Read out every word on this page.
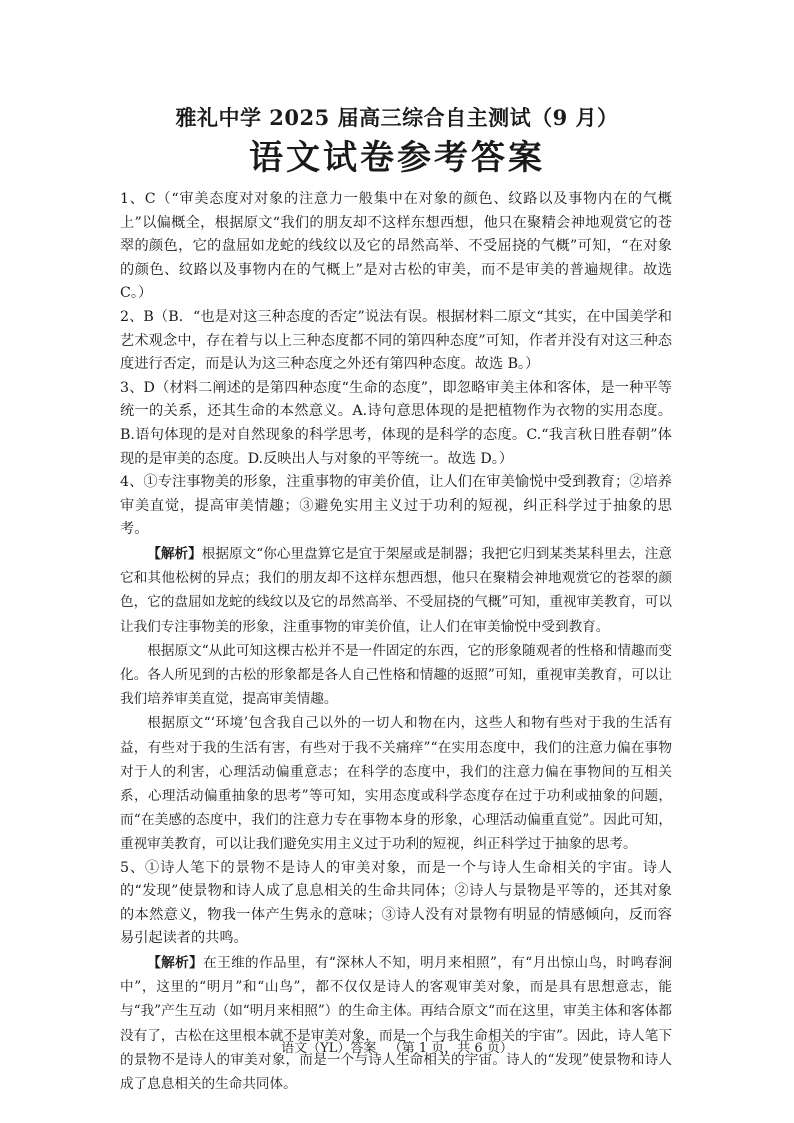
雅礼中学 2025 届高三综合自主测试（9 月）
语文试卷参考答案

1、C（“审美态度对对象的注意力一般集中在对象的颜色、纹路以及事物内在的气概上”以偏概全，根据原文“我们的朋友却不这样东想西想，他只在聚精会神地观赏它的苍翠的颜色，它的盘屈如龙蛇的线纹以及它的昂然高举、不受屈挠的气概”可知，“在对象的颜色、纹路以及事物内在的气概上”是对古松的审美，而不是审美的普遍规律。故选 C。）

2、B（B．“也是对这三种态度的否定”说法有误。根据材料二原文“其实，在中国美学和艺术观念中，存在着与以上三种态度都不同的第四种态度”可知，作者并没有对这三种态度进行否定，而是认为这三种态度之外还有第四种态度。故选 B。）

3、D（材料二阐述的是第四种态度“生命的态度”，即忽略审美主体和客体，是一种平等统一的关系，还其生命的本然意义。A.诗句意思体现的是把植物作为衣物的实用态度。B.语句体现的是对自然现象的科学思考，体现的是科学的态度。C.“我言秋日胜春朝”体现的是审美的态度。D.反映出人与对象的平等统一。故选 D。）

4、①专注事物美的形象，注重事物的审美价值，让人们在审美愉悦中受到教育；②培养审美直觉，提高审美情趣；③避免实用主义过于功利的短视，纠正科学过于抽象的思考。

【解析】根据原文“你心里盘算它是宜于架屋或是制器；我把它归到某类某科里去，注意它和其他松树的异点；我们的朋友却不这样东想西想，他只在聚精会神地观赏它的苍翠的颜色，它的盘屈如龙蛇的线纹以及它的昂然高举、不受屈挠的气概”可知，重视审美教育，可以让我们专注事物美的形象，注重事物的审美价值，让人们在审美愉悦中受到教育。

根据原文“从此可知这棵古松并不是一件固定的东西，它的形象随观者的性格和情趣而变化。各人所见到的古松的形象都是各人自己性格和情趣的返照”可知，重视审美教育，可以让我们培养审美直觉，提高审美情趣。

根据原文“‘环境’包含我自己以外的一切人和物在内，这些人和物有些对于我的生活有益，有些对于我的生活有害，有些对于我不关痛痒”“在实用态度中，我们的注意力偏在事物对于人的利害，心理活动偏重意志；在科学的态度中，我们的注意力偏在事物间的互相关系，心理活动偏重抽象的思考”等可知，实用态度或科学态度存在过于功利或抽象的问题，而“在美感的态度中，我们的注意力专在事物本身的形象，心理活动偏重直觉”。因此可知，重视审美教育，可以让我们避免实用主义过于功利的短视，纠正科学过于抽象的思考。

5、①诗人笔下的景物不是诗人的审美对象，而是一个与诗人生命相关的宇宙。诗人的“发现”使景物和诗人成了息息相关的生命共同体；②诗人与景物是平等的，还其对象的本然意义，物我一体产生隽永的意味；③诗人没有对景物有明显的情感倾向，反而容易引起读者的共鸣。

【解析】在王维的作品里，有“深林人不知，明月来相照”，有“月出惊山鸟，时鸣春涧中”，这里的“明月”和“山鸟”，都不仅仅是诗人的客观审美对象，而是具有思想意志，能与“我”产生互动（如“明月来相照”）的生命主体。再结合原文“而在这里，审美主体和客体都没有了，古松在这里根本就不是审美对象，而是一个与我生命相关的宇宙”。因此，诗人笔下的景物不是诗人的审美对象，而是一个与诗人生命相关的宇宙。诗人的“发现”使景物和诗人成了息息相关的生命共同体。

语文（YL）答案   （第 1 页，共 6 页）
